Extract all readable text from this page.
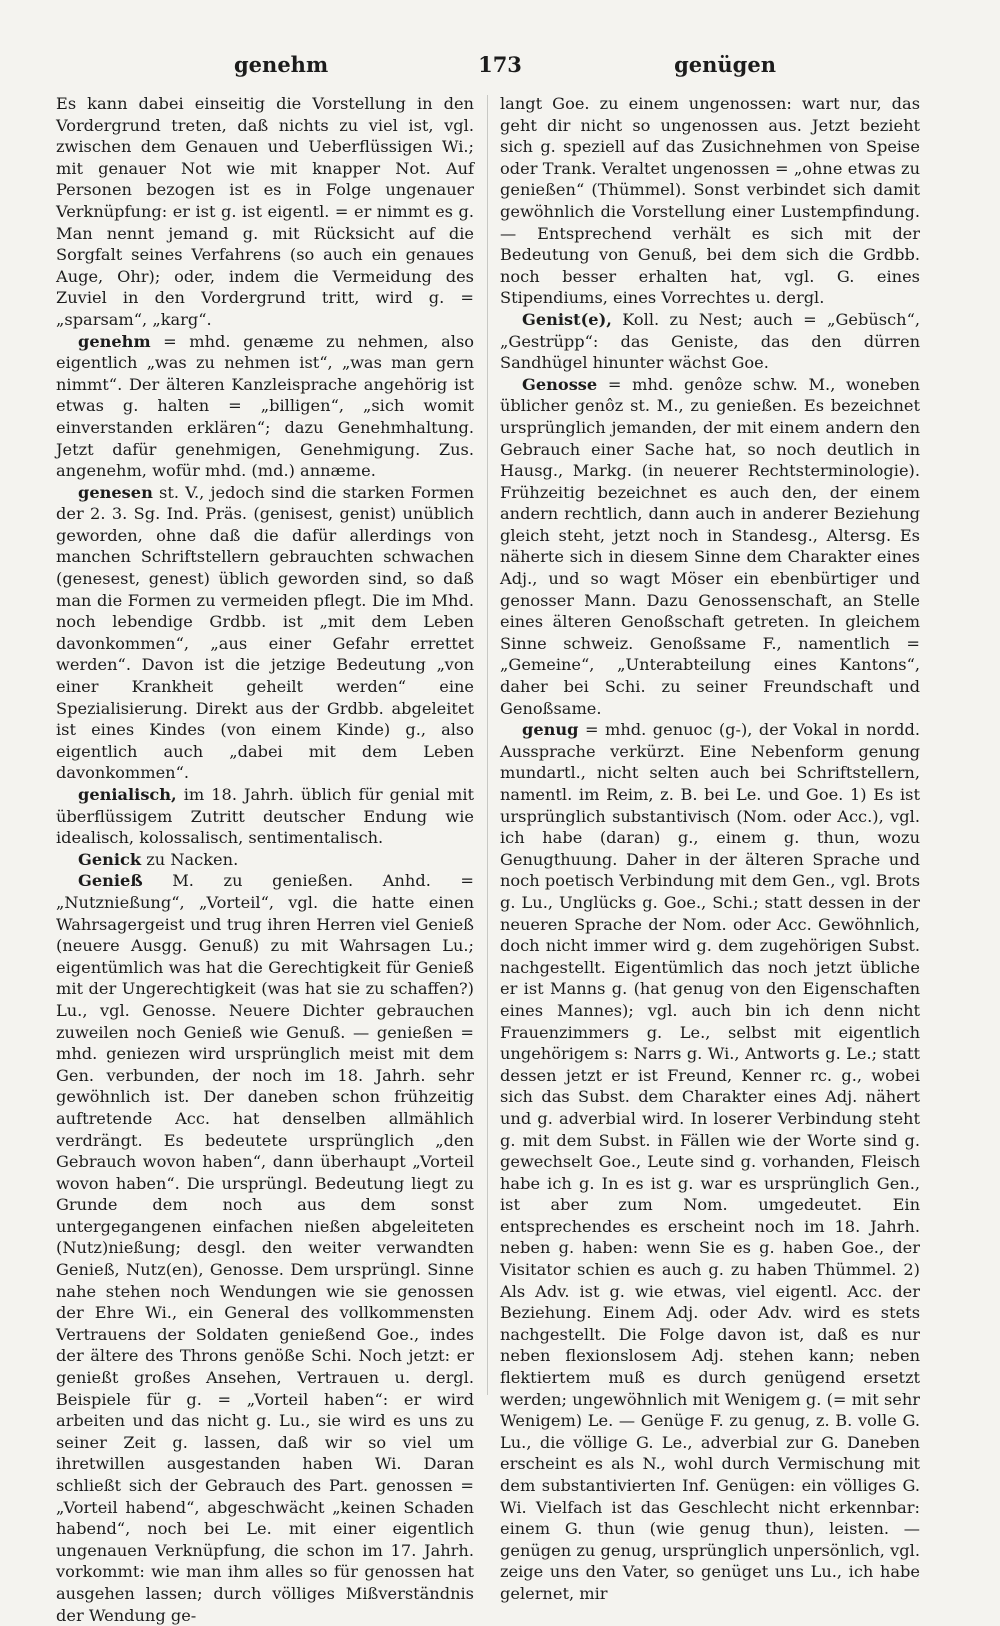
genehm	173	genügen

Es kann dabei einseitig die Vorstellung in den Vordergrund treten, daß nichts zu viel ist, vgl. zwischen dem Genauen und Ueberflüssigen Wi.; mit genauer Not wie mit knapper Not. Auf Personen bezogen ist es in Folge ungenauer Verknüpfung: er ist g. ist eigentl. = er nimmt es g. Man nennt jemand g. mit Rücksicht auf die Sorgfalt seines Verfahrens (so auch ein genaues Auge, Ohr); oder, indem die Vermeidung des Zuviel in den Vordergrund tritt, wird g. = „sparsam“, „karg“.

genehm = mhd. genæme zu nehmen, also eigentlich „was zu nehmen ist“, „was man gern nimmt“. Der älteren Kanzleisprache angehörig ist etwas g. halten = „billigen“, „sich womit einverstanden erklären“; dazu Genehmhaltung. Jetzt dafür genehmigen, Genehmigung. Zus. angenehm, wofür mhd. (md.) annæme.

genesen st. V., jedoch sind die starken Formen der 2. 3. Sg. Ind. Präs. (genisest, genist) unüblich geworden, ohne daß die dafür allerdings von manchen Schriftstellern gebrauchten schwachen (genesest, genest) üblich geworden sind, so daß man die Formen zu vermeiden pflegt. Die im Mhd. noch lebendige Grdbb. ist „mit dem Leben davonkommen“, „aus einer Gefahr errettet werden“. Davon ist die jetzige Bedeutung „von einer Krankheit geheilt werden“ eine Spezialisierung. Direkt aus der Grdbb. abgeleitet ist eines Kindes (von einem Kinde) g., also eigentlich auch „dabei mit dem Leben davonkommen“.

genialisch, im 18. Jahrh. üblich für genial mit überflüssigem Zutritt deutscher Endung wie idealisch, kolossalisch, sentimentalisch.

Genick zu Nacken.

Genieß M. zu genießen. Anhd. = „Nutznießung“, „Vorteil“, vgl. die hatte einen Wahrsagergeist und trug ihren Herren viel Genieß (neuere Ausgg. Genuß) zu mit Wahrsagen Lu.; eigentümlich was hat die Gerechtigkeit für Genieß mit der Ungerechtigkeit (was hat sie zu schaffen?) Lu., vgl. Genosse. Neuere Dichter gebrauchen zuweilen noch Genieß wie Genuß. — genießen = mhd. geniezen wird ursprünglich meist mit dem Gen. verbunden, der noch im 18. Jahrh. sehr gewöhnlich ist. Der daneben schon frühzeitig auftretende Acc. hat denselben allmählich verdrängt. Es bedeutete ursprünglich „den Gebrauch wovon haben“, dann überhaupt „Vorteil wovon haben“. Die ursprüngl. Bedeutung liegt zu Grunde dem noch aus dem sonst untergegangenen einfachen nießen abgeleiteten (Nutz)nießung; desgl. den weiter verwandten Genieß, Nutz(en), Genosse. Dem ursprüngl. Sinne nahe stehen noch Wendungen wie sie genossen der Ehre Wi., ein General des vollkommensten Vertrauens der Soldaten genießend Goe., indes der ältere des Throns genöße Schi. Noch jetzt: er genießt großes Ansehen, Vertrauen u. dergl. Beispiele für g. = „Vorteil haben“: er wird arbeiten und das nicht g. Lu., sie wird es uns zu seiner Zeit g. lassen, daß wir so viel um ihretwillen ausgestanden haben Wi. Daran schließt sich der Gebrauch des Part. genossen = „Vorteil habend“, abgeschwächt „keinen Schaden habend“, noch bei Le. mit einer eigentlich ungenauen Verknüpfung, die schon im 17. Jahrh. vorkommt: wie man ihm alles so für genossen hat ausgehen lassen; durch völliges Mißverständnis der Wendung ge-

langt Goe. zu einem ungenossen: wart nur, das geht dir nicht so ungenossen aus. Jetzt bezieht sich g. speziell auf das Zusichnehmen von Speise oder Trank. Veraltet ungenossen = „ohne etwas zu genießen“ (Thümmel). Sonst verbindet sich damit gewöhnlich die Vorstellung einer Lustempfindung. — Entsprechend verhält es sich mit der Bedeutung von Genuß, bei dem sich die Grdbb. noch besser erhalten hat, vgl. G. eines Stipendiums, eines Vorrechtes u. dergl.

Genist(e), Koll. zu Nest; auch = „Gebüsch“, „Gestrüpp“: das Geniste, das den dürren Sandhügel hinunter wächst Goe.

Genosse = mhd. genôze schw. M., woneben üblicher genôz st. M., zu genießen. Es bezeichnet ursprünglich jemanden, der mit einem andern den Gebrauch einer Sache hat, so noch deutlich in Hausg., Markg. (in neuerer Rechtsterminologie). Frühzeitig bezeichnet es auch den, der einem andern rechtlich, dann auch in anderer Beziehung gleich steht, jetzt noch in Standesg., Altersg. Es näherte sich in diesem Sinne dem Charakter eines Adj., und so wagt Möser ein ebenbürtiger und genosser Mann. Dazu Genossenschaft, an Stelle eines älteren Genoßschaft getreten. In gleichem Sinne schweiz. Genoßsame F., namentlich = „Gemeine“, „Unterabteilung eines Kantons“, daher bei Schi. zu seiner Freundschaft und Genoßsame.

genug = mhd. genuoc (g-), der Vokal in nordd. Aussprache verkürzt. Eine Nebenform genung mundartl., nicht selten auch bei Schriftstellern, namentl. im Reim, z. B. bei Le. und Goe. 1) Es ist ursprünglich substantivisch (Nom. oder Acc.), vgl. ich habe (daran) g., einem g. thun, wozu Genugthuung. Daher in der älteren Sprache und noch poetisch Verbindung mit dem Gen., vgl. Brots g. Lu., Unglücks g. Goe., Schi.; statt dessen in der neueren Sprache der Nom. oder Acc. Gewöhnlich, doch nicht immer wird g. dem zugehörigen Subst. nachgestellt. Eigentümlich das noch jetzt übliche er ist Manns g. (hat genug von den Eigenschaften eines Mannes); vgl. auch bin ich denn nicht Frauenzimmers g. Le., selbst mit eigentlich ungehörigem s: Narrs g. Wi., Antworts g. Le.; statt dessen jetzt er ist Freund, Kenner rc. g., wobei sich das Subst. dem Charakter eines Adj. nähert und g. adverbial wird. In loserer Verbindung steht g. mit dem Subst. in Fällen wie der Worte sind g. gewechselt Goe., Leute sind g. vorhanden, Fleisch habe ich g. In es ist g. war es ursprünglich Gen., ist aber zum Nom. umgedeutet. Ein entsprechendes es erscheint noch im 18. Jahrh. neben g. haben: wenn Sie es g. haben Goe., der Visitator schien es auch g. zu haben Thümmel. 2) Als Adv. ist g. wie etwas, viel eigentl. Acc. der Beziehung. Einem Adj. oder Adv. wird es stets nachgestellt. Die Folge davon ist, daß es nur neben flexionslosem Adj. stehen kann; neben flektiertem muß es durch genügend ersetzt werden; ungewöhnlich mit Wenigem g. (= mit sehr Wenigem) Le. — Genüge F. zu genug, z. B. volle G. Lu., die völlige G. Le., adverbial zur G. Daneben erscheint es als N., wohl durch Vermischung mit dem substantivierten Inf. Genügen: ein völliges G. Wi. Vielfach ist das Geschlecht nicht erkennbar: einem G. thun (wie genug thun), leisten. — genügen zu genug, ursprünglich unpersönlich, vgl. zeige uns den Vater, so genüget uns Lu., ich habe gelernet, mir
